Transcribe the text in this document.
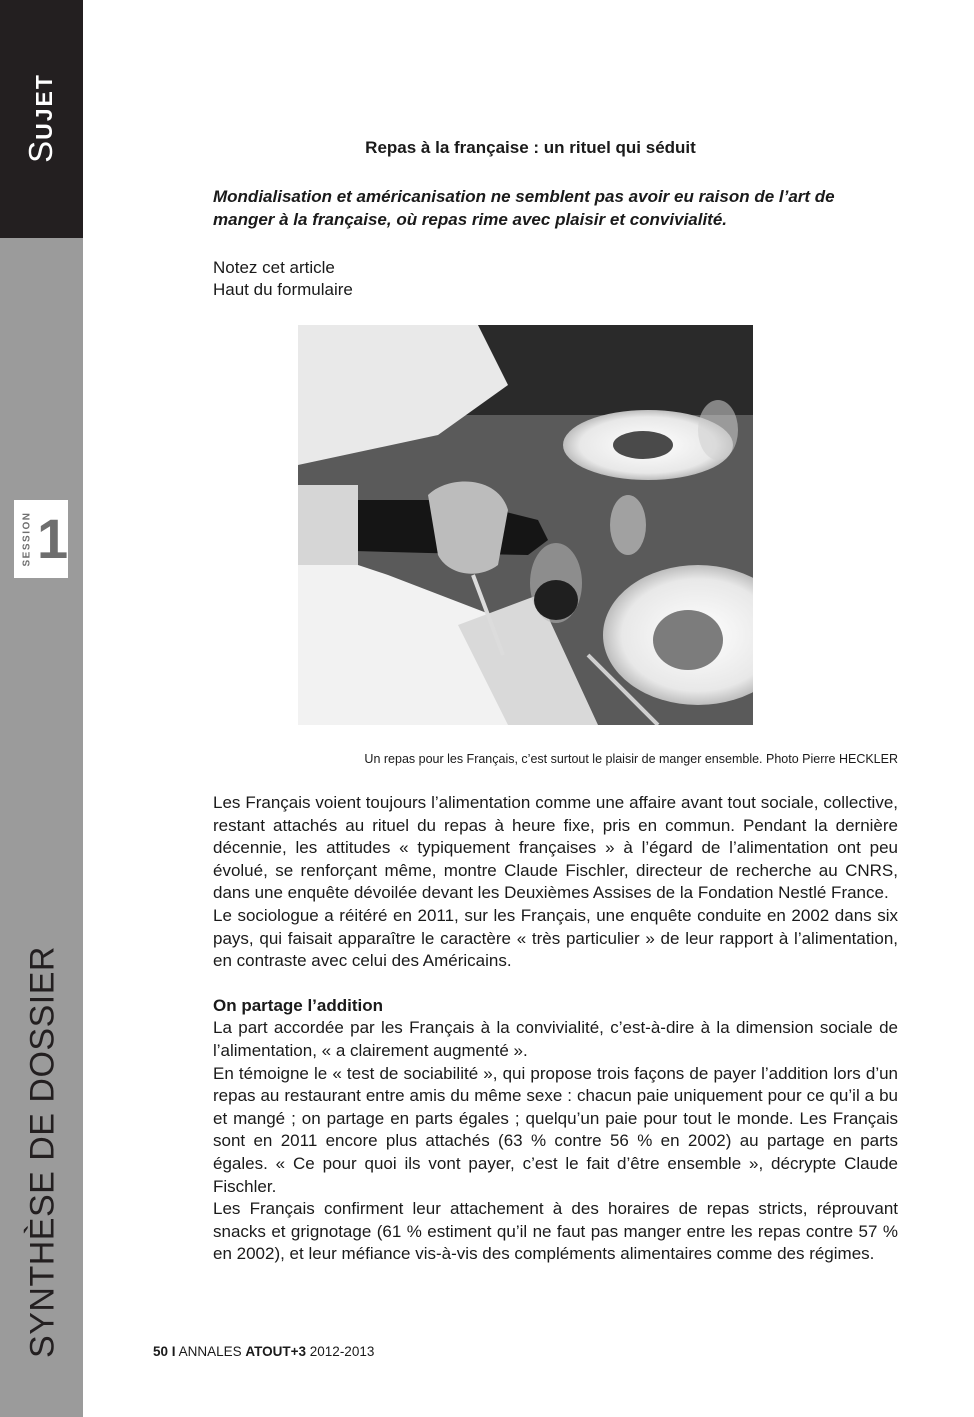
SUJET
SESSION 1
SYNTHÈSE DE DOSSIER
Repas à la française : un rituel qui séduit
Mondialisation et américanisation ne semblent pas avoir eu raison de l’art de manger à la française, où repas rime avec plaisir et convivialité.
Notez cet article
Haut du formulaire
Un repas pour les Français, c’est surtout le plaisir de manger ensemble. Photo Pierre HECKLER

Les Français voient toujours l’alimentation comme une affaire avant tout sociale, collective, restant attachés au rituel du repas à heure fixe, pris en commun. Pendant la dernière décennie, les attitudes « typiquement françaises » à l’égard de l’alimentation ont peu évolué, se renforçant même, montre Claude Fischler, directeur de recherche au CNRS, dans une enquête dévoilée devant les Deuxièmes Assises de la Fondation Nestlé France.

Le sociologue a réitéré en 2011, sur les Français, une enquête conduite en 2002 dans six pays, qui faisait apparaître le caractère « très particulier » de leur rapport à l’alimentation, en contraste avec celui des Américains.

On partage l’addition

La part accordée par les Français à la convivialité, c’est-à-dire à la dimension sociale de l’alimentation, « a clairement augmenté ».

En témoigne le « test de sociabilité », qui propose trois façons de payer l’addition lors d’un repas au restaurant entre amis du même sexe : chacun paie uniquement pour ce qu’il a bu et mangé ; on partage en parts égales ; quelqu’un paie pour tout le monde. Les Français sont en 2011 encore plus attachés (63 % contre 56 % en 2002) au partage en parts égales. « Ce pour quoi ils vont payer, c’est le fait d’être ensemble », décrypte Claude Fischler.

Les Français confirment leur attachement à des horaires de repas stricts, réprouvant snacks et grignotage (61 % estiment qu’il ne faut pas manger entre les repas contre 57 % en 2002), et leur méfiance vis-à-vis des compléments alimentaires comme des régimes.

50 I ANNALES ATOUT+3 2012-2013
